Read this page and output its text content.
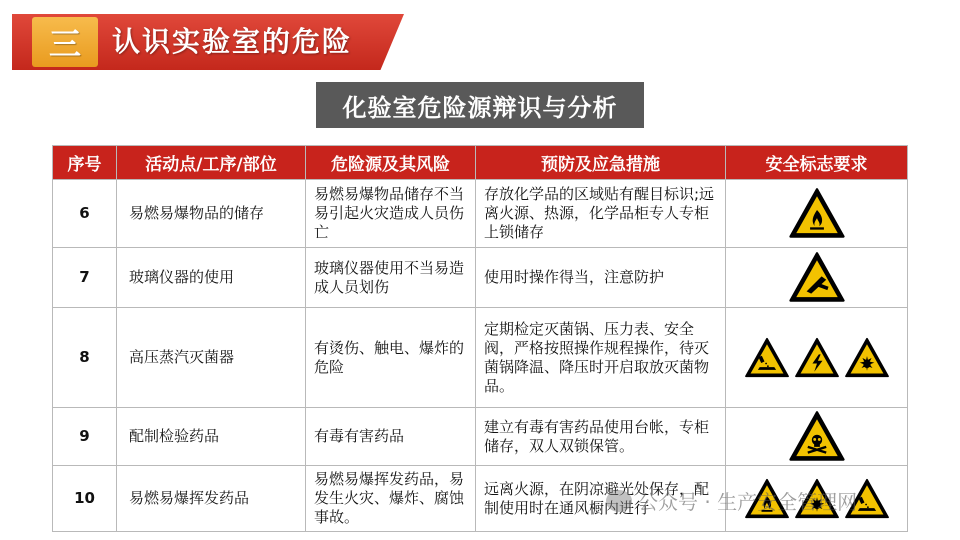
三	认识实验室的危险
化验室危险源辩识与分析
序号	活动点/工序/部位	危险源及其风险	预防及应急措施	安全标志要求
6	易燃易爆物品的储存	易燃易爆物品储存不当易引起火灾造成人员伤亡	存放化学品的区域贴有醒目标识;远离火源、热源，化学品柜专人专柜上锁储存	

7	玻璃仪器的使用	玻璃仪器使用不当易造成人员划伤	使用时操作得当，注意防护	

8	高压蒸汽灭菌器	有烫伤、触电、爆炸的危险	定期检定灭菌锅、压力表、安全阀，严格按照操作规程操作，待灭菌锅降温、降压时开启取放灭菌物品。	

9	配制检验药品	有毒有害药品	建立有毒有害药品使用台帐，专柜储存，双人双锁保管。	

10	易燃易爆挥发药品	易燃易爆挥发药品，易发生火灾、爆炸、腐蚀事故。	远离火源，在阴凉避光处保存，配制使用时在通风橱内进行	
公众号 · 生产安全管理网
